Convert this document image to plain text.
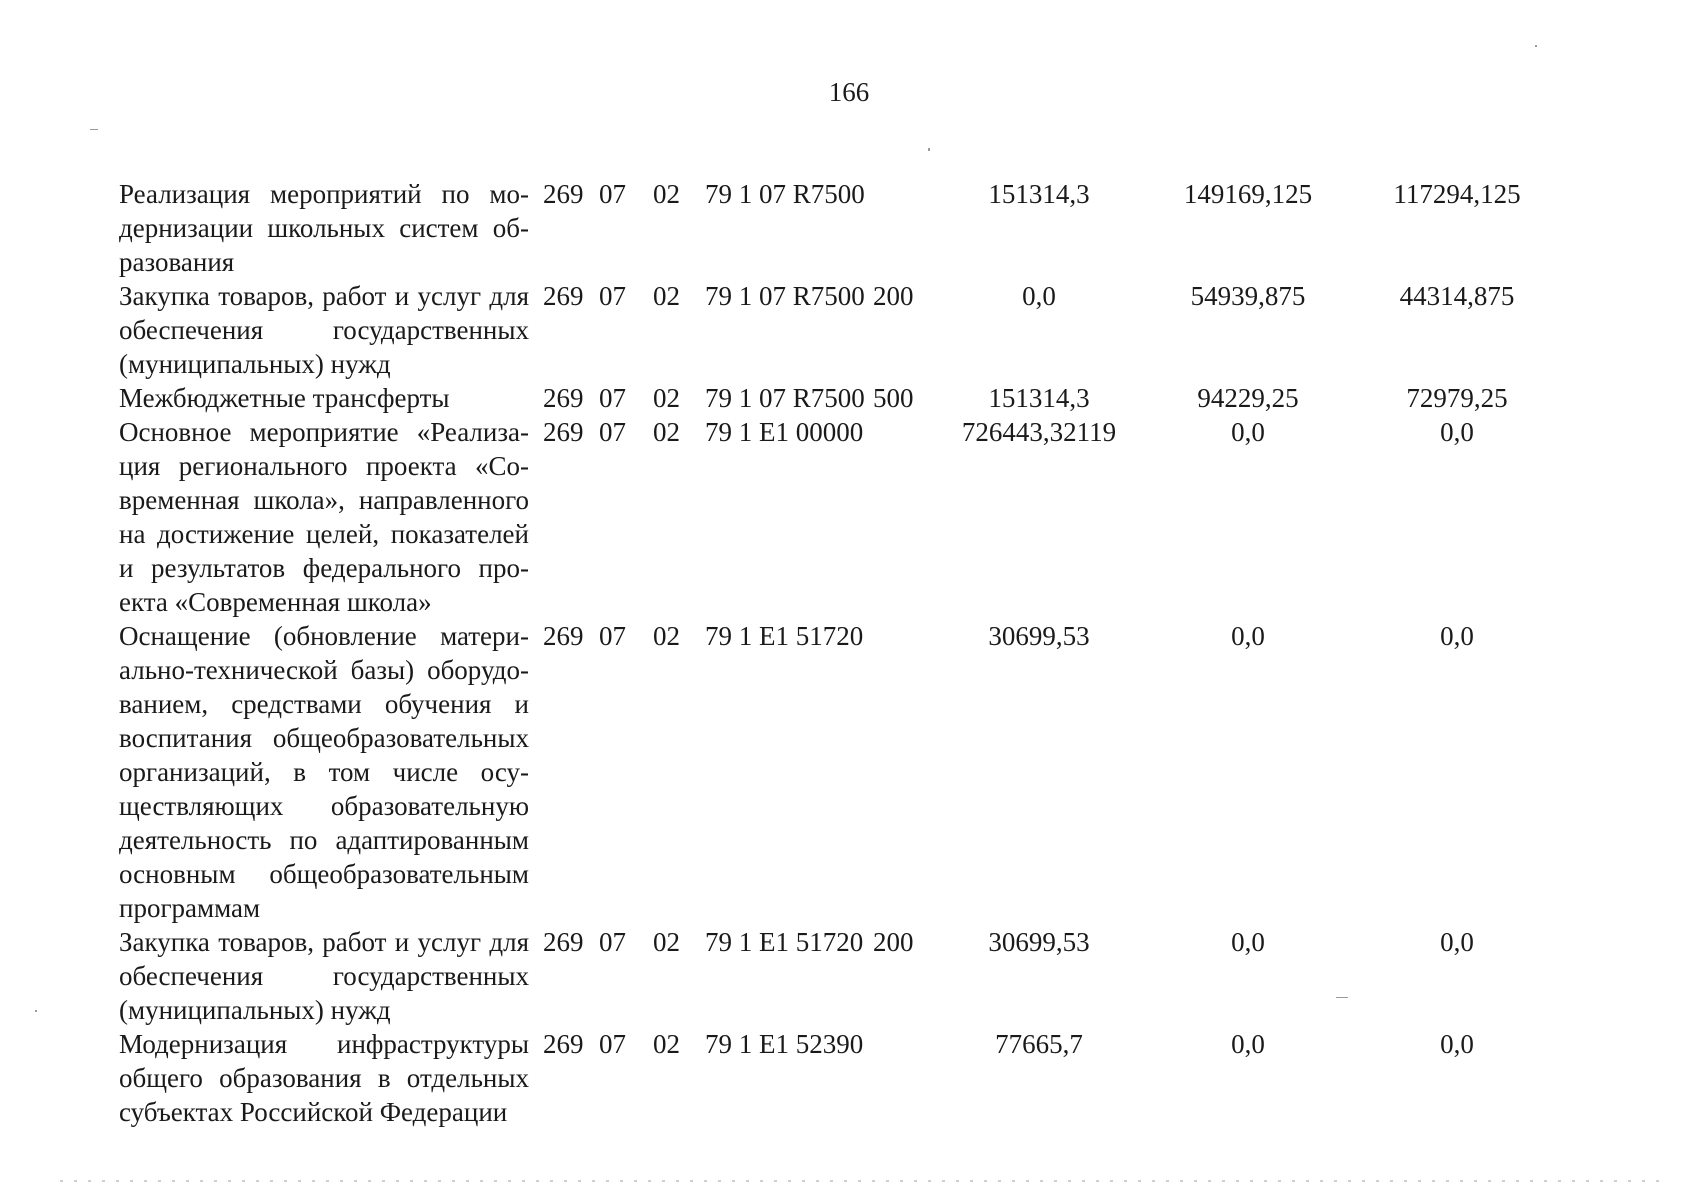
166
Реализация мероприятий по модернизации школьных систем образования	269	07	02	79 1 07 R7500		151314,3	149169,125	117294,125
Закупка товаров, работ и услуг для обеспечения государственных (муниципальных) нужд	269	07	02	79 1 07 R7500	200	0,0	54939,875	44314,875
Межбюджетные трансферты	269	07	02	79 1 07 R7500	500	151314,3	94229,25	72979,25
Основное мероприятие «Реализация регионального проекта «Современная школа», направленного на достижение целей, показателей и результатов федерального проекта «Современная школа»	269	07	02	79 1 E1 00000		726443,32119	0,0	0,0
Оснащение (обновление материально-технической базы) оборудованием, средствами обучения и воспитания общеобразовательных организаций, в том числе осуществляющих образовательную деятельность по адаптированным основным общеобразовательным программам	269	07	02	79 1 E1 51720		30699,53	0,0	0,0
Закупка товаров, работ и услуг для обеспечения государственных (муниципальных) нужд	269	07	02	79 1 E1 51720	200	30699,53	0,0	0,0
Модернизация инфраструктуры общего образования в отдельных субъектах Российской Федерации	269	07	02	79 1 E1 52390		77665,7	0,0	0,0
